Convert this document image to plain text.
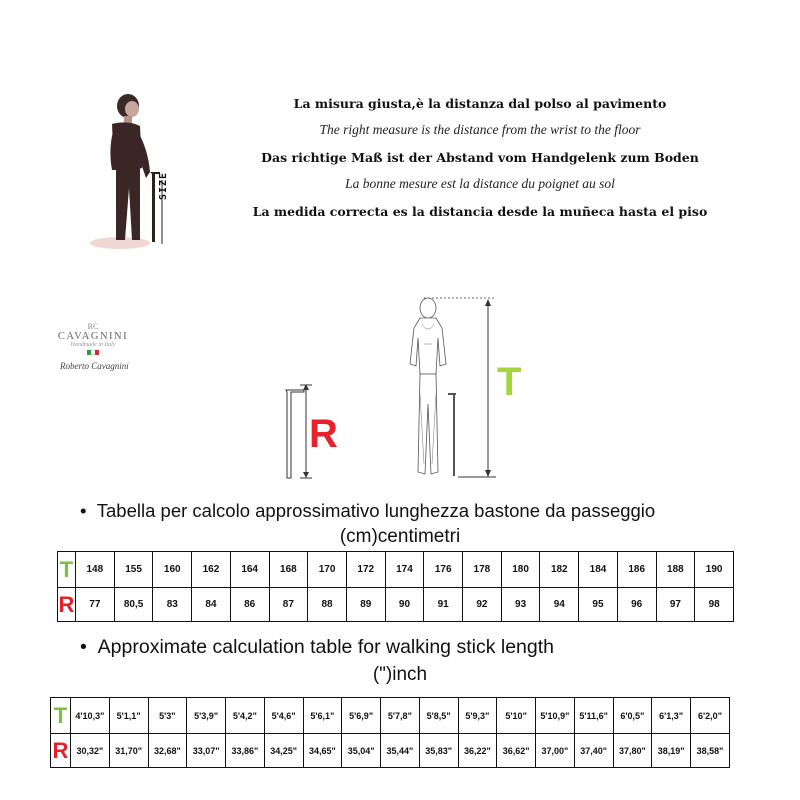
SIZE
La misura giusta,è la distanza dal polso al pavimento
The right measure is the distance from the wrist to the floor
Das richtige Maß ist der Abstand vom Handgelenk zum Boden
La bonne mesure est la distance du poignet au sol
La medida correcta es la distancia desde la muñeca hasta el piso
RC
CAVAGNINI
Handmade in Italy
Roberto Cavagnini
R
T
•  Tabella per calcolo approssimativo lunghezza bastone da passeggio
(cm)centimetri
T	148	155	160	162	164	168	170	172	174	176	178	180	182	184	186	188	190
R	77	80,5	83	84	86	87	88	89	90	91	92	93	94	95	96	97	98
•  Approximate calculation table for walking stick length
(")inch
T	4'10,3"	5'1,1"	5'3"	5'3,9"	5'4,2"	5'4,6"	5'6,1"	5'6,9"	5'7,8"	5'8,5"	5'9,3"	5'10"	5'10,9"	5'11,6"	6'0,5"	6'1,3"	6'2,0"
R	30,32"	31,70"	32,68"	33,07"	33,86"	34,25"	34,65"	35,04"	35,44"	35,83"	36,22"	36,62"	37,00"	37,40"	37,80"	38,19"	38,58"
